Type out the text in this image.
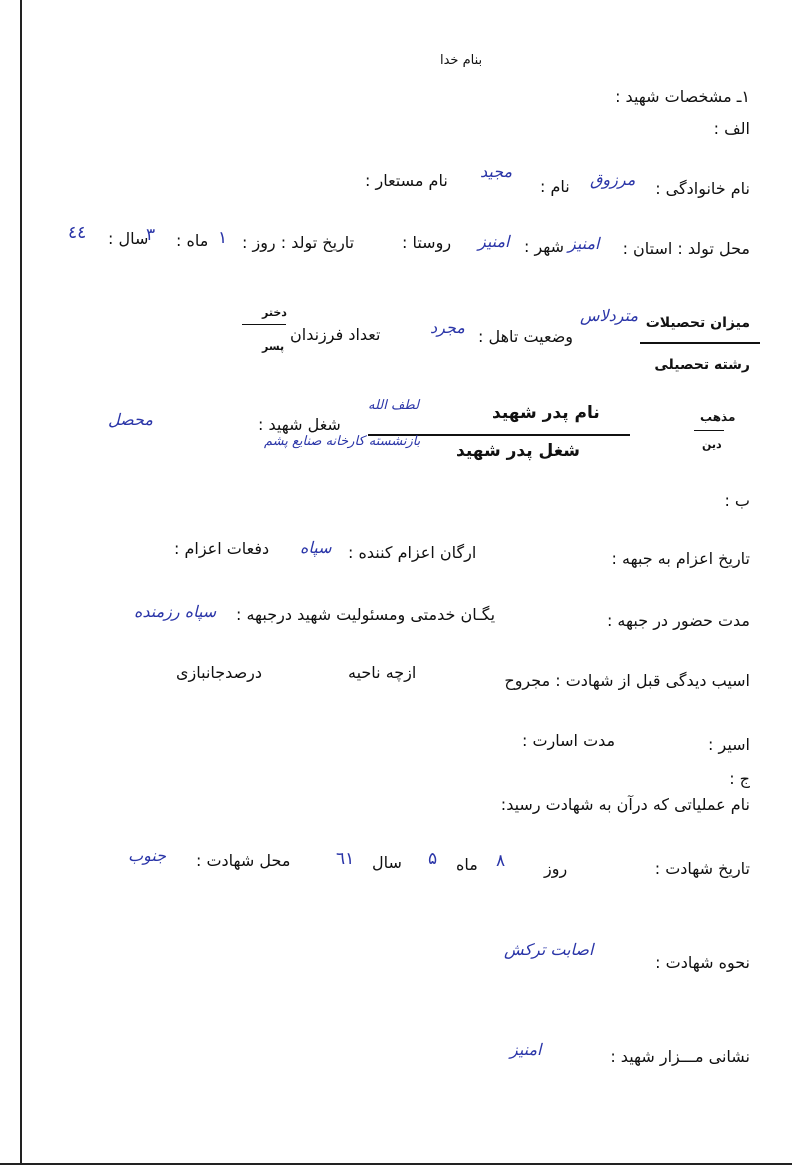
بنام خدا
۱ـ مشخصات شهید :
الف :
نام خانوادگی :
مرزوق
نام :
مجید
نام مستعار :
محل تولد : استان :
امنیز
شهر :
امنیز
روستا :
تاریخ تولد : روز :
۱
ماه :
۳
سال :
٤٤
میزان تحصیلات
متردلاس
رشته تحصیلی
وضعیت تاهل :
مجرد
تعداد فرزندان
دختر
پسر
مذهب
دین
نام پدر شهید
لطف الله
شغل پدر شهید
بازنشسته کارخانه صنایع پشم
شغل شهید :
محصل
ب :
تاریخ اعزام به جبهه :
ارگان اعزام کننده :
سپاه
دفعات اعزام :
مدت حضور در جبهه :
یگـان خدمتی ومسئولیت شهید درجبهه :
سپاه رزمنده
اسیب دیدگی قبل از شهادت : مجروح
ازچه ناحیه
درصدجانبازی
اسیر :
مدت اسارت :
ج :
نام عملیاتی که درآن به شهادت رسید:
تاریخ شهادت :
روز
۸
ماه
۵
سال
٦١
محل شهادت :
جنوب
نحوه شهادت :
اصابت ترکش
نشانی مـــزار شهید :
امنیز
